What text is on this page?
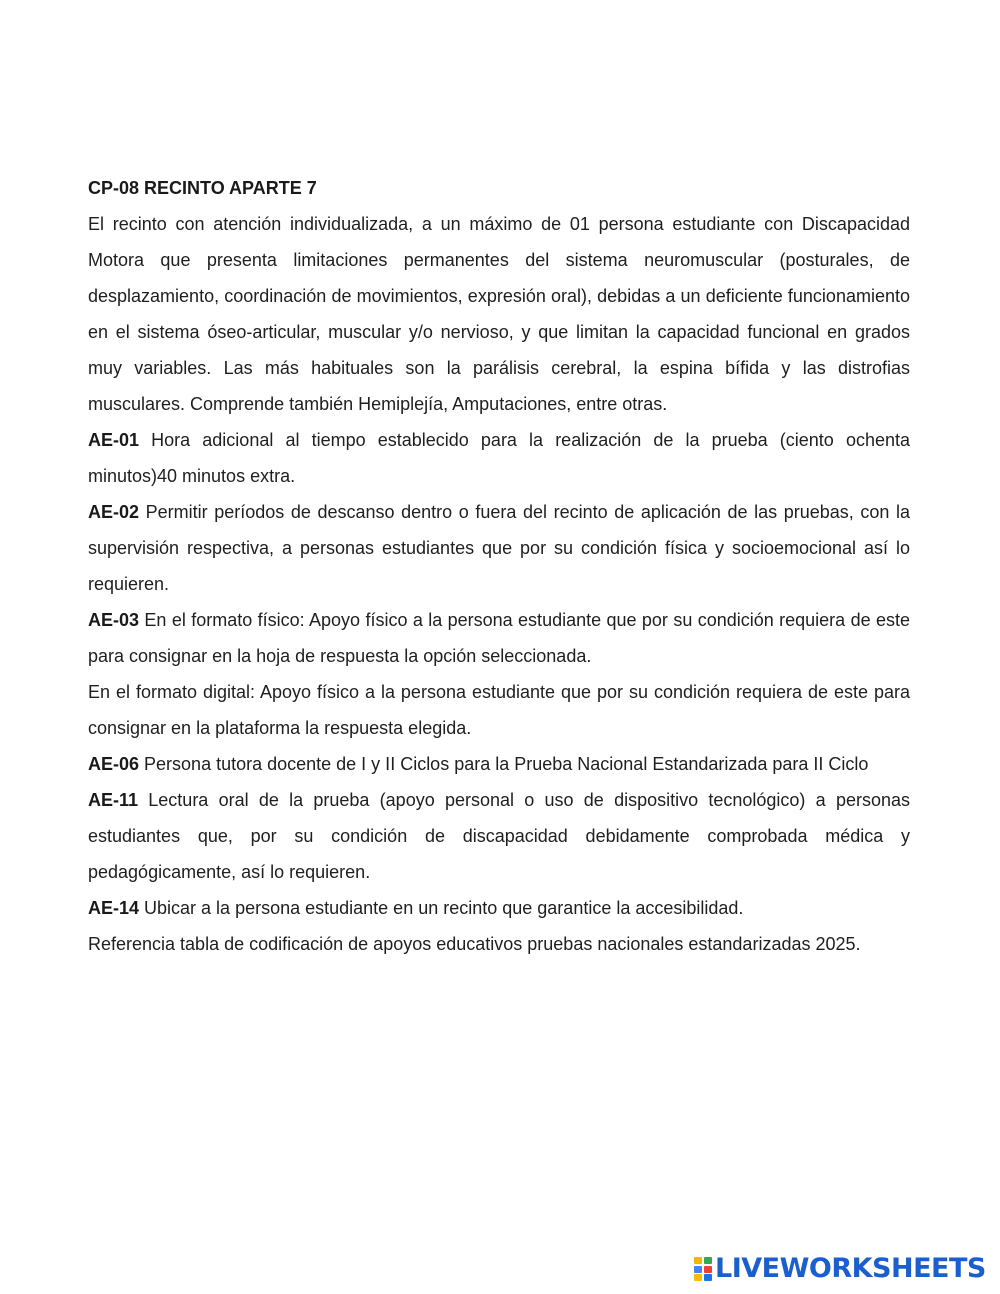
CP-08 RECINTO APARTE 7

El recinto con atención individualizada, a un máximo de 01 persona estudiante con Discapacidad Motora que presenta limitaciones permanentes del sistema neuromuscular (posturales, de desplazamiento, coordinación de movimientos, expresión oral), debidas a un deficiente funcionamiento en el sistema óseo-articular, muscular y/o nervioso, y que limitan la capacidad funcional en grados muy variables. Las más habituales son la parálisis cerebral, la espina bífida y las distrofias musculares. Comprende también Hemiplejía, Amputaciones, entre otras.

AE-01 Hora adicional al tiempo establecido para la realización de la prueba (ciento ochenta minutos)40 minutos extra.

AE-02 Permitir períodos de descanso dentro o fuera del recinto de aplicación de las pruebas, con la supervisión respectiva, a personas estudiantes que por su condición física y socioemocional así lo requieren.

AE-03 En el formato físico: Apoyo físico a la persona estudiante que por su condición requiera de este para consignar en la hoja de respuesta la opción seleccionada.

En el formato digital: Apoyo físico a la persona estudiante que por su condición requiera de este para consignar en la plataforma la respuesta elegida.

AE-06 Persona tutora docente de I y II Ciclos para la Prueba Nacional Estandarizada para II Ciclo

AE-11 Lectura oral de la prueba (apoyo personal o uso de dispositivo tecnológico) a personas estudiantes que, por su condición de discapacidad debidamente comprobada médica y pedagógicamente, así lo requieren.

AE-14 Ubicar a la persona estudiante en un recinto que garantice la accesibilidad.

Referencia tabla de codificación de apoyos educativos pruebas nacionales estandarizadas 2025.

LIVEWORKSHEETS
